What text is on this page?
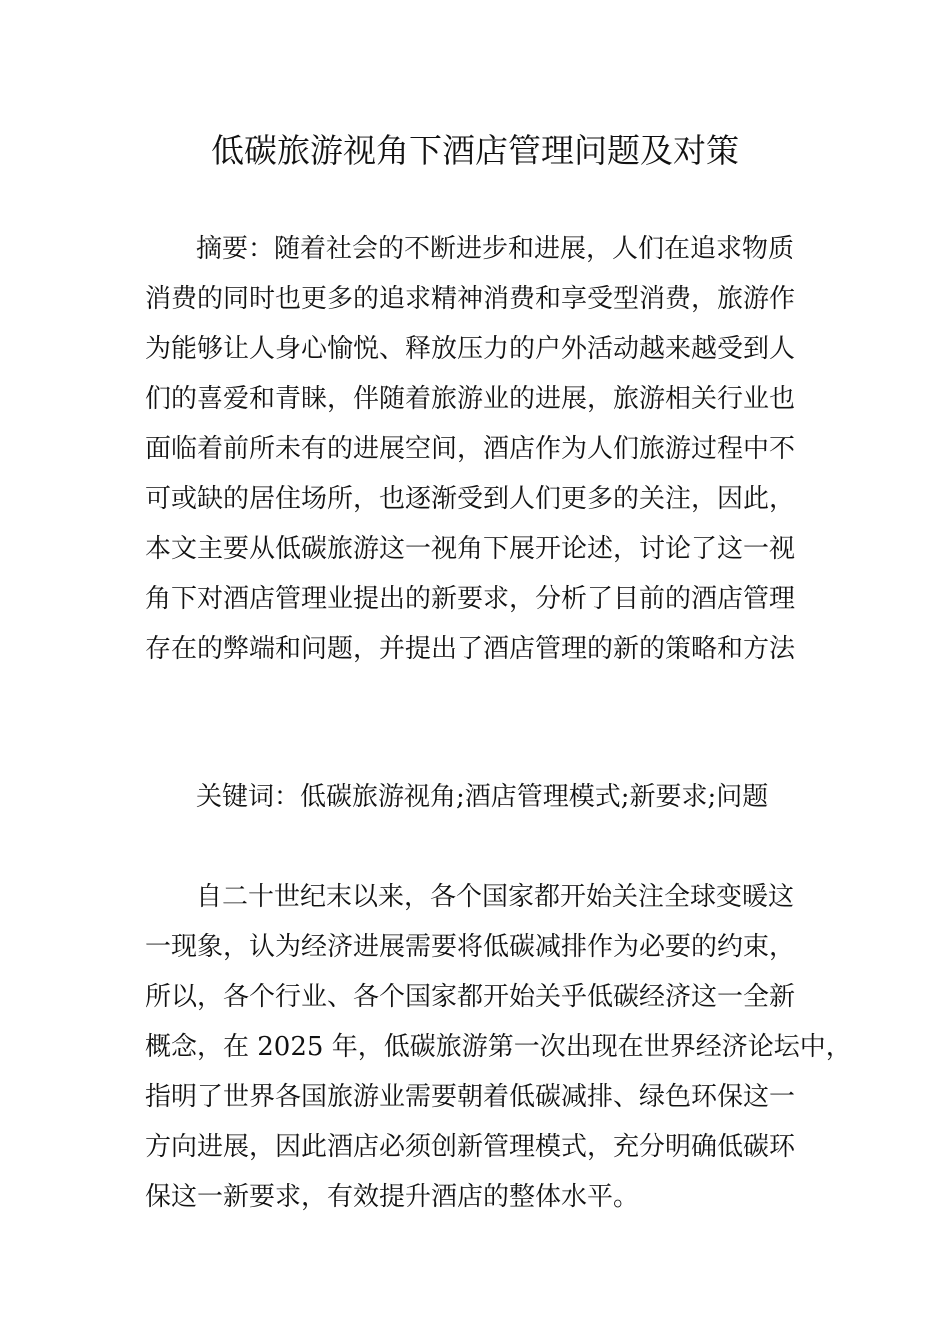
低碳旅游视角下酒店管理问题及对策

摘要：随着社会的不断进步和进展，人们在追求物质

消费的同时也更多的追求精神消费和享受型消费，旅游作

为能够让人身心愉悦、释放压力的户外活动越来越受到人

们的喜爱和青睐，伴随着旅游业的进展，旅游相关行业也

面临着前所未有的进展空间，酒店作为人们旅游过程中不

可或缺的居住场所，也逐渐受到人们更多的关注，因此，

本文主要从低碳旅游这一视角下展开论述，讨论了这一视

角下对酒店管理业提出的新要求，分析了目前的酒店管理

存在的弊端和问题，并提出了酒店管理的新的策略和方法

关键词：低碳旅游视角;酒店管理模式;新要求;问题

自二十世纪末以来，各个国家都开始关注全球变暖这

一现象，认为经济进展需要将低碳减排作为必要的约束，

所以，各个行业、各个国家都开始关乎低碳经济这一全新

概念，在 2025 年，低碳旅游第一次出现在世界经济论坛中，

指明了世界各国旅游业需要朝着低碳减排、绿色环保这一

方向进展，因此酒店必须创新管理模式，充分明确低碳环

保这一新要求，有效提升酒店的整体水平。
